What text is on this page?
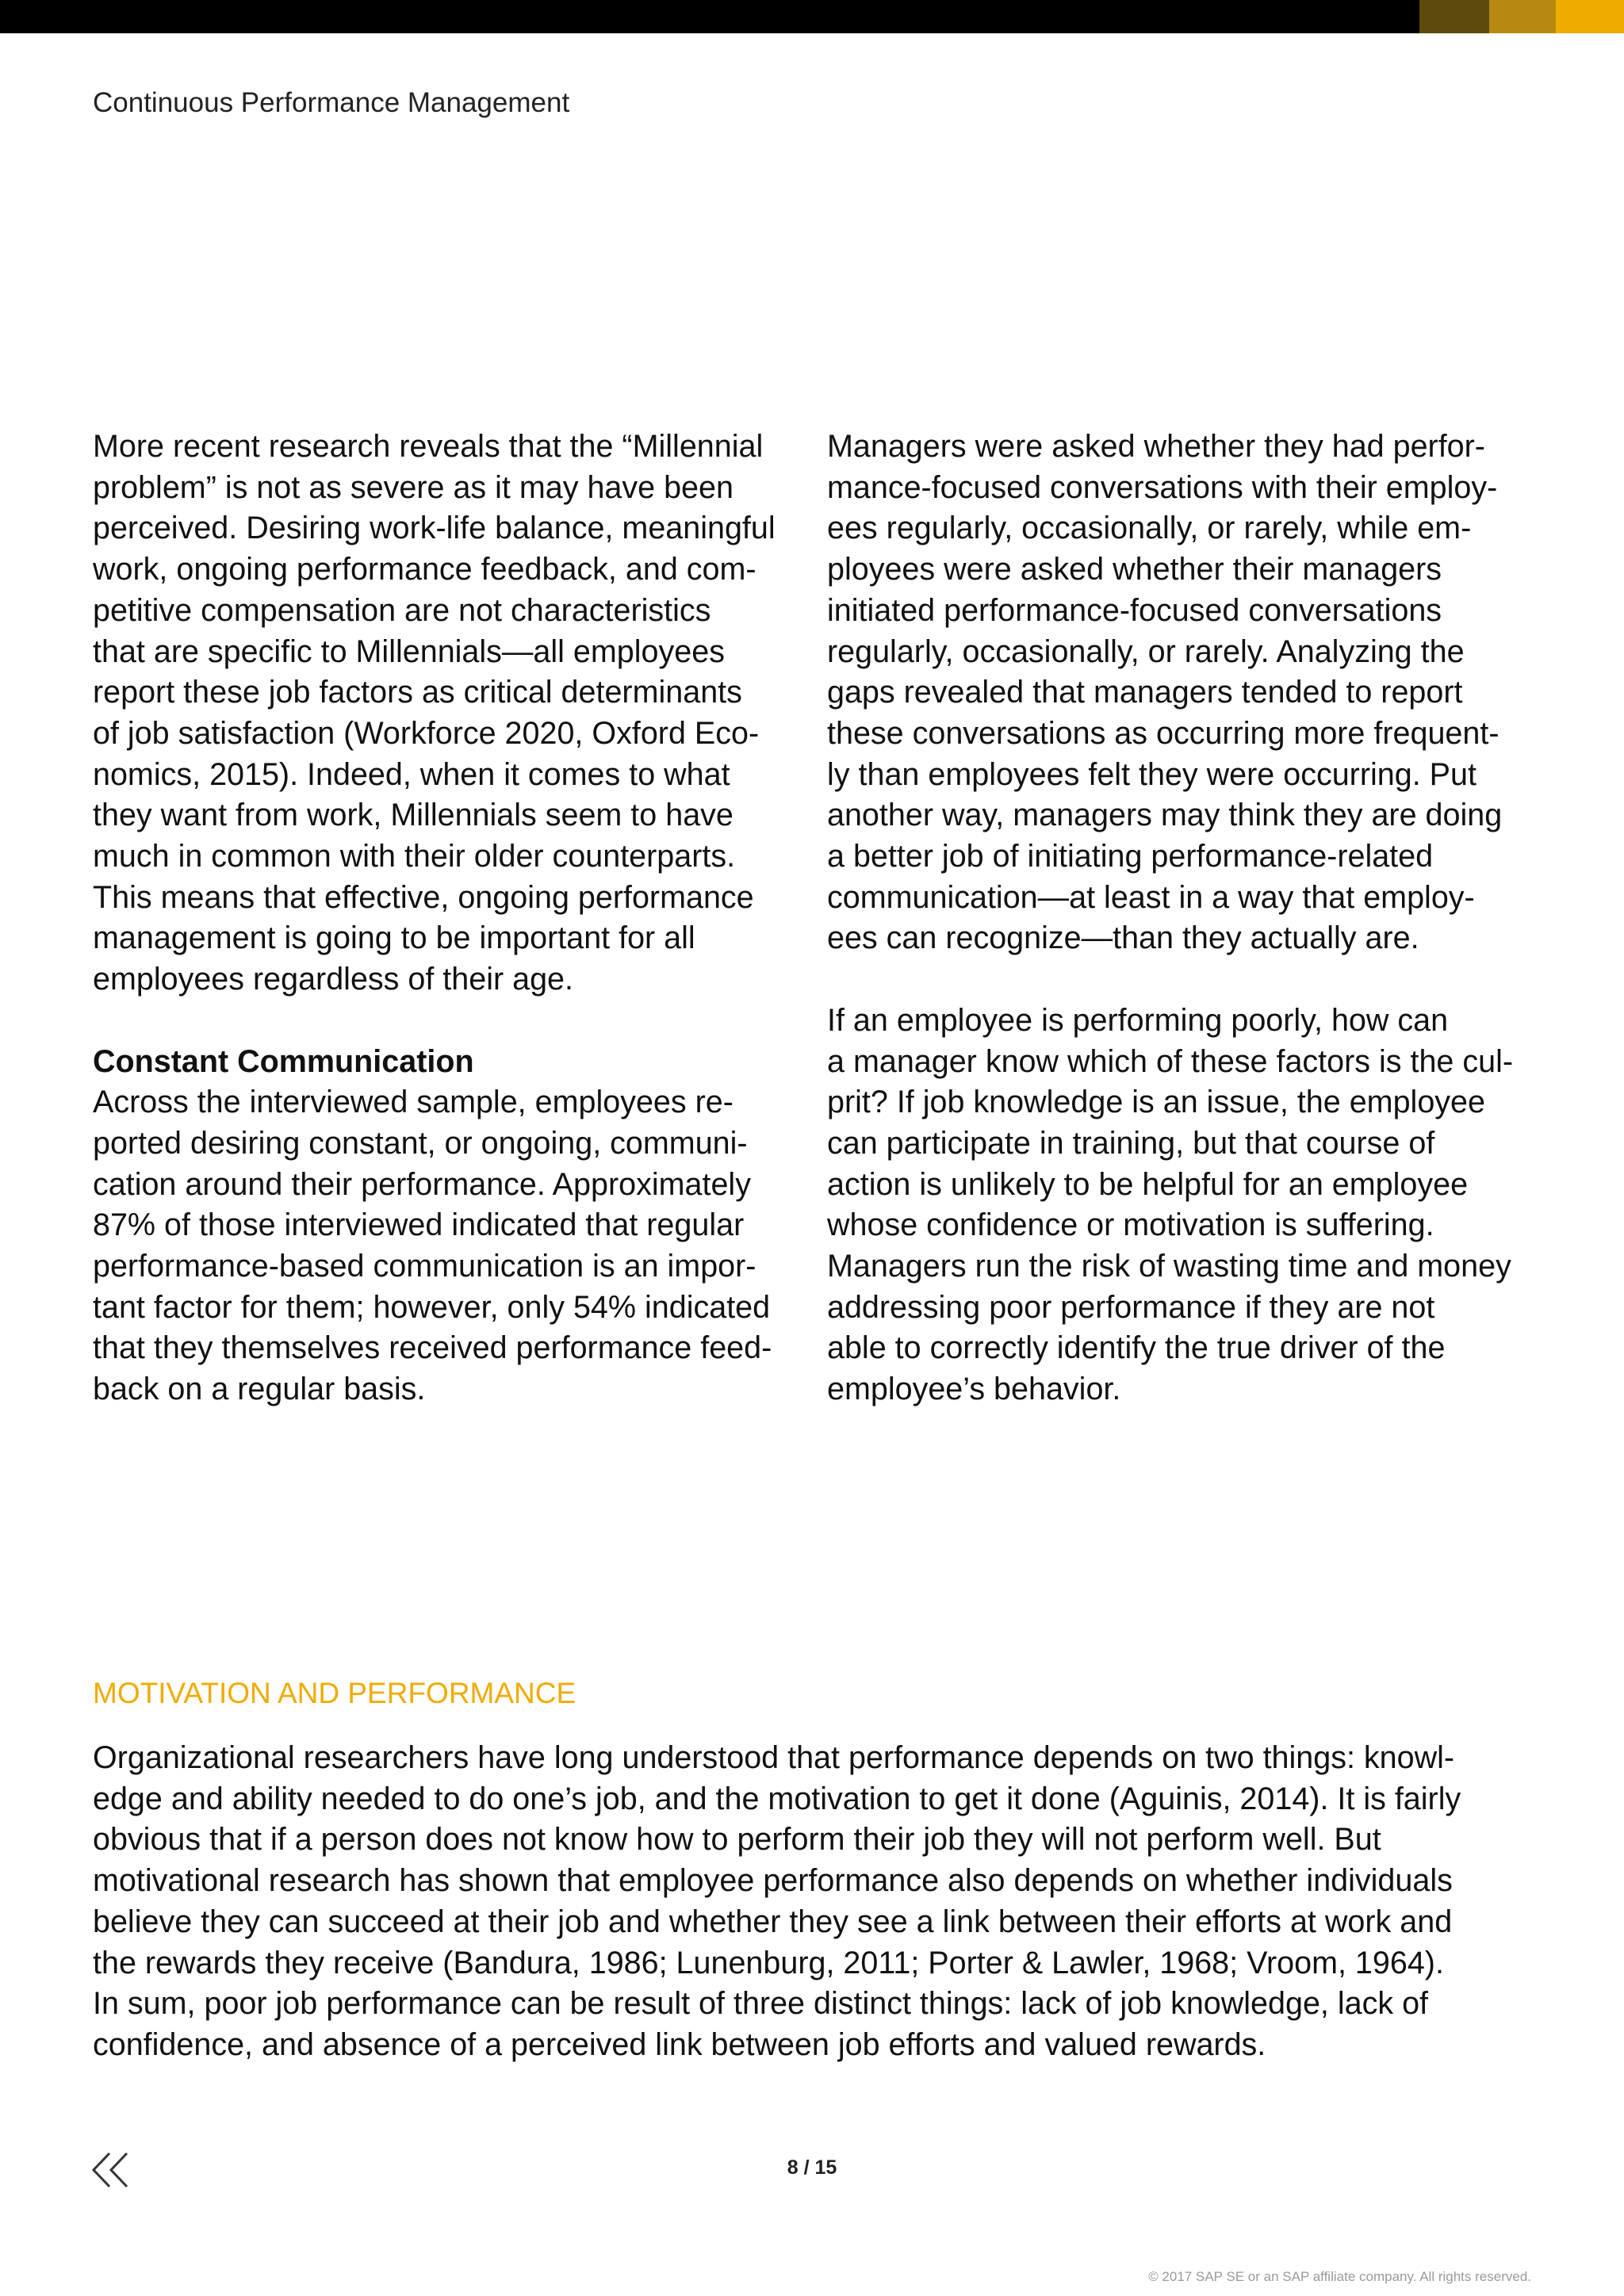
Continuous Performance Management

More recent research reveals that the “Millennial

problem” is not as severe as it may have been

perceived. Desiring work-life balance, meaningful

work, ongoing performance feedback, and com-

petitive compensation are not characteristics

that are specific to Millennials—all employees

report these job factors as critical determinants

of job satisfaction (Workforce 2020, Oxford Eco-

nomics, 2015). Indeed, when it comes to what

they want from work, Millennials seem to have

much in common with their older counterparts.

This means that effective, ongoing performance

management is going to be important for all

employees regardless of their age.

Constant Communication

Across the interviewed sample, employees re-

ported desiring constant, or ongoing, communi-

cation around their performance. Approximately

87% of those interviewed indicated that regular

performance-based communication is an impor-

tant factor for them; however, only 54% indicated

that they themselves received performance feed-

back on a regular basis.

Managers were asked whether they had perfor-

mance-focused conversations with their employ-

ees regularly, occasionally, or rarely, while em-

ployees were asked whether their managers

initiated performance-focused conversations

regularly, occasionally, or rarely. Analyzing the

gaps revealed that managers tended to report

these conversations as occurring more frequent-

ly than employees felt they were occurring. Put

another way, managers may think they are doing

a better job of initiating performance-related

communication—at least in a way that employ-

ees can recognize—than they actually are.

If an employee is performing poorly, how can

a manager know which of these factors is the cul-

prit? If job knowledge is an issue, the employee

can participate in training, but that course of

action is unlikely to be helpful for an employee

whose confidence or motivation is suffering.

Managers run the risk of wasting time and money

addressing poor performance if they are not

able to correctly identify the true driver of the

employee’s behavior.

MOTIVATION AND PERFORMANCE

Organizational researchers have long understood that performance depends on two things: knowl-

edge and ability needed to do one’s job, and the motivation to get it done (Aguinis, 2014). It is fairly

obvious that if a person does not know how to perform their job they will not perform well. But

motivational research has shown that employee performance also depends on whether individuals

believe they can succeed at their job and whether they see a link between their efforts at work and

the rewards they receive (Bandura, 1986; Lunenburg, 2011; Porter & Lawler, 1968; Vroom, 1964).

In sum, poor job performance can be result of three distinct things: lack of job knowledge, lack of

confidence, and absence of a perceived link between job efforts and valued rewards.

8 / 15
© 2017 SAP SE or an SAP affiliate company. All rights reserved.
